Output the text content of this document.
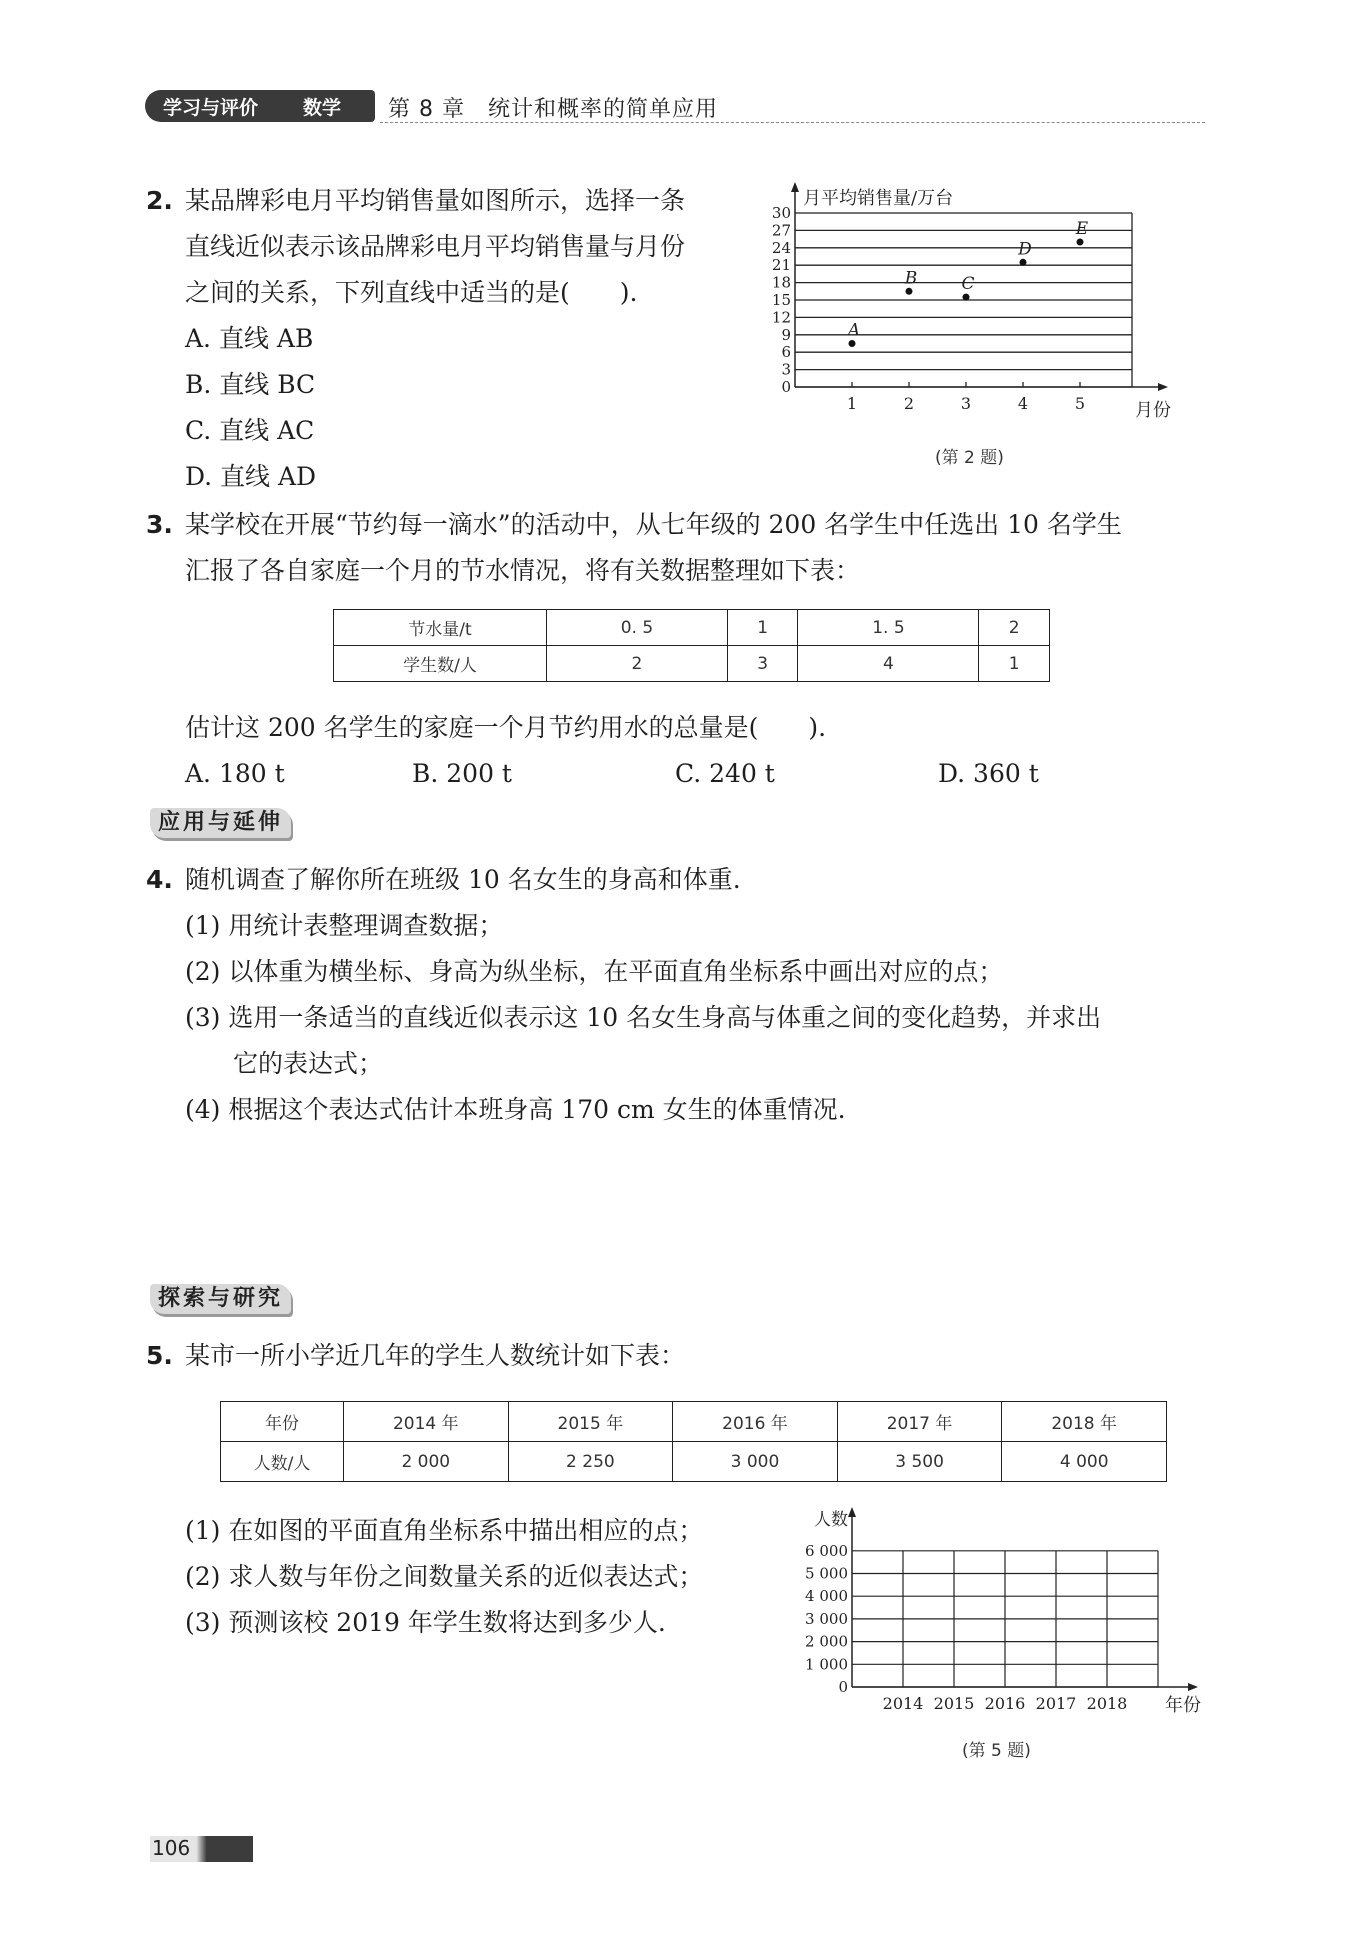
学习与评价 数学 第 8 章　统计和概率的简单应用
2. 某品牌彩电月平均销售量如图所示，选择一条
直线近似表示该品牌彩电月平均销售量与月份
之间的关系，下列直线中适当的是(　　).
A. 直线 AB
B. 直线 BC
C. 直线 AC
D. 直线 AD
0
3
6
9
12
15
18
21
24
27
30
月平均销售量/万台
月份
1	2	3	4	5
A
B	C
D
E
(第 2 题)
3. 某学校在开展“节约每一滴水”的活动中，从七年级的 200 名学生中任选出 10 名学生
汇报了各自家庭一个月的节水情况，将有关数据整理如下表：
节水量/t	0. 5	1	1. 5	2
学生数/人	2	3	4	1
估计这 200 名学生的家庭一个月节约用水的总量是(　　).
A. 180 t	B. 200 t	C. 240 t	D. 360 t
应用与延伸
4. 随机调查了解你所在班级 10 名女生的身高和体重.
(1) 用统计表整理调查数据；
(2) 以体重为横坐标、身高为纵坐标，在平面直角坐标系中画出对应的点；
(3) 选用一条适当的直线近似表示这 10 名女生身高与体重之间的变化趋势，并求出
它的表达式；
(4) 根据这个表达式估计本班身高 170 cm 女生的体重情况.
探索与研究
5. 某市一所小学近几年的学生人数统计如下表：
年份	2014 年	2015 年	2016 年	2017 年	2018 年
人数/人	2 000	2 250	3 000	3 500	4 000
(1) 在如图的平面直角坐标系中描出相应的点；
(2) 求人数与年份之间数量关系的近似表达式；
(3) 预测该校 2019 年学生数将达到多少人.
0
1 000
2 000
3 000
4 000
5 000
6 000
人数
年份
2014 2015 2016 2017 2018
(第 5 题)
106
